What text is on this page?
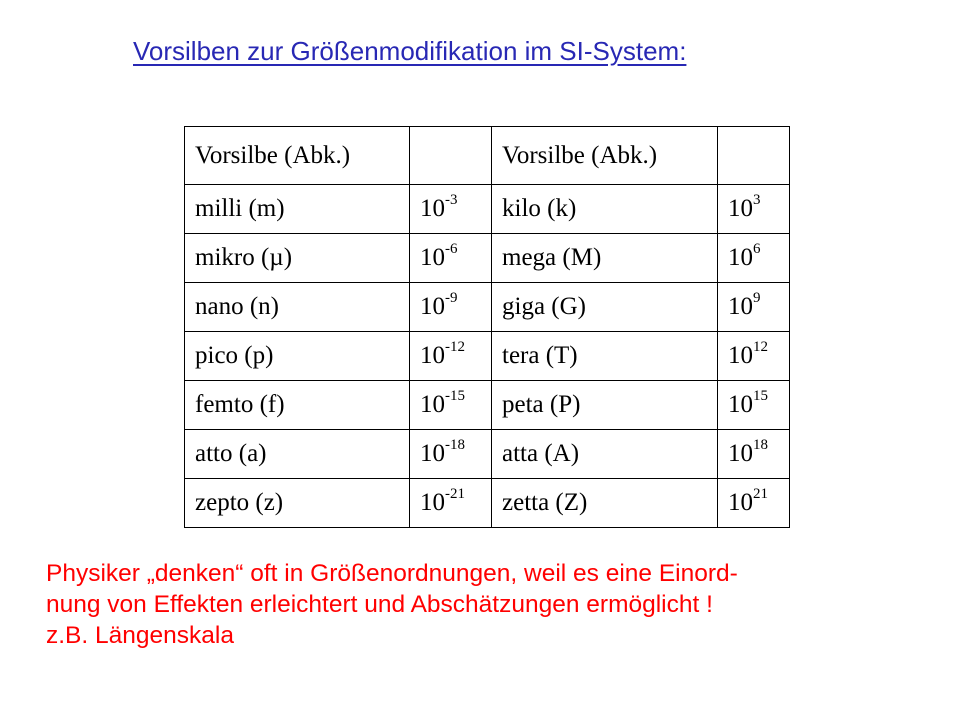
Vorsilben zur Größenmodifikation im SI-System:
Vorsilbe (Abk.)		Vorsilbe (Abk.)	
milli (m)	$10^{-3}$	kilo (k)	$10^3$
mikro (µ)	$10^{-6}$	mega (M)	$10^6$
nano (n)	$10^{-9}$	giga (G)	$10^9$
pico (p)	$10^{-12}$	tera (T)	$10^{12}$
femto (f)	$10^{-15}$	peta (P)	$10^{15}$
atto (a)	$10^{-18}$	atta (A)	$10^{18}$
zepto (z)	$10^{-21}$	zetta (Z)	$10^{21}$
Physiker „denken“ oft in Größenordnungen, weil es eine Einord-
nung von Effekten erleichtert und Abschätzungen ermöglicht !
z.B. Längenskala
